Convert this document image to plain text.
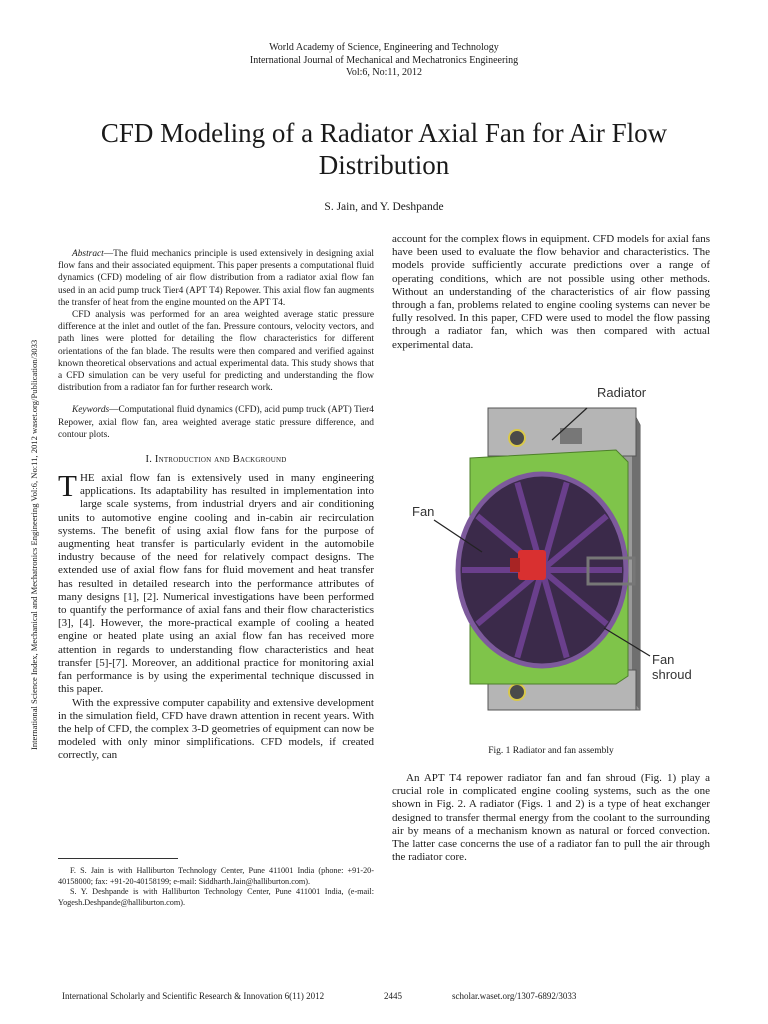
World Academy of Science, Engineering and Technology
International Journal of Mechanical and Mechatronics Engineering
Vol:6, No:11, 2012
CFD Modeling of a Radiator Axial Fan for Air Flow Distribution
S. Jain, and Y. Deshpande
International Science Index, Mechanical and Mechatronics Engineering Vol:6, No:11, 2012 waset.org/Publication/3033

Abstract—The fluid mechanics principle is used extensively in designing axial flow fans and their associated equipment. This paper presents a computational fluid dynamics (CFD) modeling of air flow distribution from a radiator axial flow fan used in an acid pump truck Tier4 (APT T4) Repower. This axial flow fan augments the transfer of heat from the engine mounted on the APT T4.

CFD analysis was performed for an area weighted average static pressure difference at the inlet and outlet of the fan. Pressure contours, velocity vectors, and path lines were plotted for detailing the flow characteristics for different orientations of the fan blade. The results were then compared and verified against known theoretical observations and actual experimental data. This study shows that a CFD simulation can be very useful for predicting and understanding the flow distribution from a radiator fan for further research work.

Keywords—Computational fluid dynamics (CFD), acid pump truck (APT) Tier4 Repower, axial flow fan, area weighted average static pressure difference, and contour plots.

I. Introduction and Background

THE axial flow fan is extensively used in many engineering applications. Its adaptability has resulted in implementation into large scale systems, from industrial dryers and air conditioning units to automotive engine cooling and in-cabin air recirculation systems. The benefit of using axial flow fans for the purpose of augmenting heat transfer is particularly evident in the automobile industry because of the need for relatively compact designs. The extended use of axial flow fans for fluid movement and heat transfer has resulted in detailed research into the performance attributes of many designs [1], [2]. Numerical investigations have been performed to quantify the performance of axial fans and their flow characteristics [3], [4]. However, the more-practical example of cooling a heated engine or heated plate using an axial flow fan has received more attention in regards to understanding flow characteristics and heat transfer [5]-[7]. Moreover, an additional practice for monitoring axial fan performance is by using the experimental technique discussed in this paper.

With the expressive computer capability and extensive development in the simulation field, CFD have drawn attention in recent years. With the help of CFD, the complex 3-D geometries of equipment can now be modeled with only minor simplifications. CFD models, if created correctly, can

F. S. Jain is with Halliburton Technology Center, Pune 411001 India (phone: +91-20-40158000; fax: +91-20-40158199; e-mail: Siddharth.Jain@halliburton.com).

S. Y. Deshpande is with Halliburton Technology Center, Pune 411001 India, (e-mail: Yogesh.Deshpande@halliburton.com).

account for the complex flows in equipment. CFD models for axial fans have been used to evaluate the flow behavior and characteristics. The models provide sufficiently accurate predictions over a range of operating conditions, which are not possible using other methods. Without an understanding of the characteristics of air flow passing through a fan, problems related to engine cooling systems can never be fully resolved. In this paper, CFD were used to model the flow passing through a radiator fan, which was then compared with actual experimental data.

Radiator
Fan
Fan
shroud
Fig. 1 Radiator and fan assembly

An APT T4 repower radiator fan and fan shroud (Fig. 1) play a crucial role in complicated engine cooling systems, such as the one shown in Fig. 2. A radiator (Figs. 1 and 2) is a type of heat exchanger designed to transfer thermal energy from the coolant to the surrounding air by means of a mechanism known as natural or forced convection. The latter case concerns the use of a radiator fan to pull the air through the radiator core.

International Scholarly and Scientific Research & Innovation 6(11) 2012	2445	scholar.waset.org/1307-6892/3033
